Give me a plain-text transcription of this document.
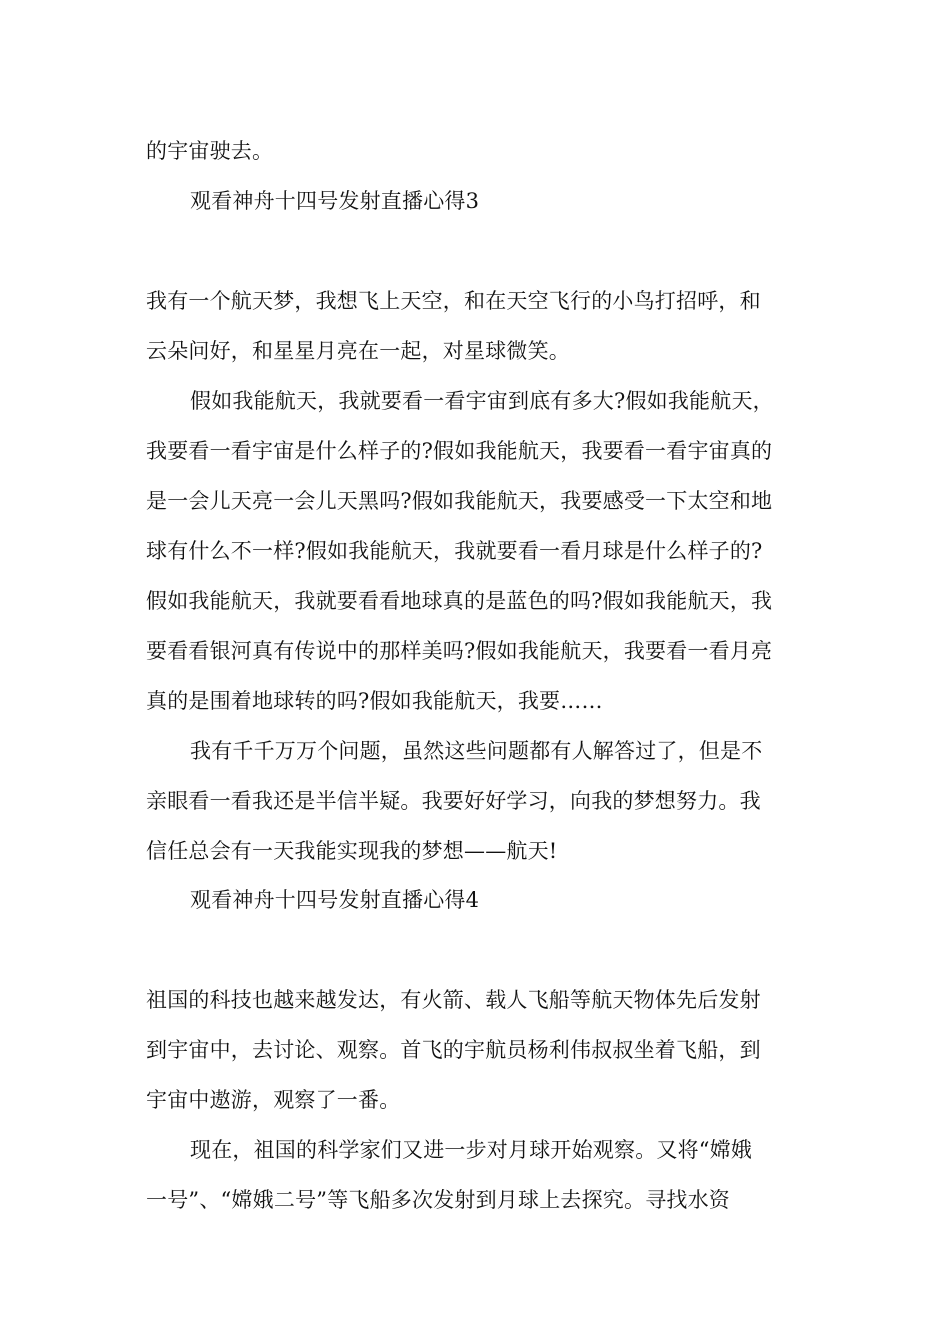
的宇宙驶去。
观看神舟十四号发射直播心得3
我有一个航天梦，我想飞上天空，和在天空飞行的小鸟打招呼，和
云朵问好，和星星月亮在一起，对星球微笑。
假如我能航天，我就要看一看宇宙到底有多大?假如我能航天，
我要看一看宇宙是什么样子的?假如我能航天，我要看一看宇宙真的
是一会儿天亮一会儿天黑吗?假如我能航天，我要感受一下太空和地
球有什么不一样?假如我能航天，我就要看一看月球是什么样子的?
假如我能航天，我就要看看地球真的是蓝色的吗?假如我能航天，我
要看看银河真有传说中的那样美吗?假如我能航天，我要看一看月亮
真的是围着地球转的吗?假如我能航天，我要……
我有千千万万个问题，虽然这些问题都有人解答过了，但是不
亲眼看一看我还是半信半疑。我要好好学习，向我的梦想努力。我
信任总会有一天我能实现我的梦想——航天!
观看神舟十四号发射直播心得4
祖国的科技也越来越发达，有火箭、载人飞船等航天物体先后发射
到宇宙中，去讨论、观察。首飞的宇航员杨利伟叔叔坐着飞船，到
宇宙中遨游，观察了一番。
现在，祖国的科学家们又进一步对月球开始观察。又将“嫦娥
一号”、“嫦娥二号”等飞船多次发射到月球上去探究。寻找水资
